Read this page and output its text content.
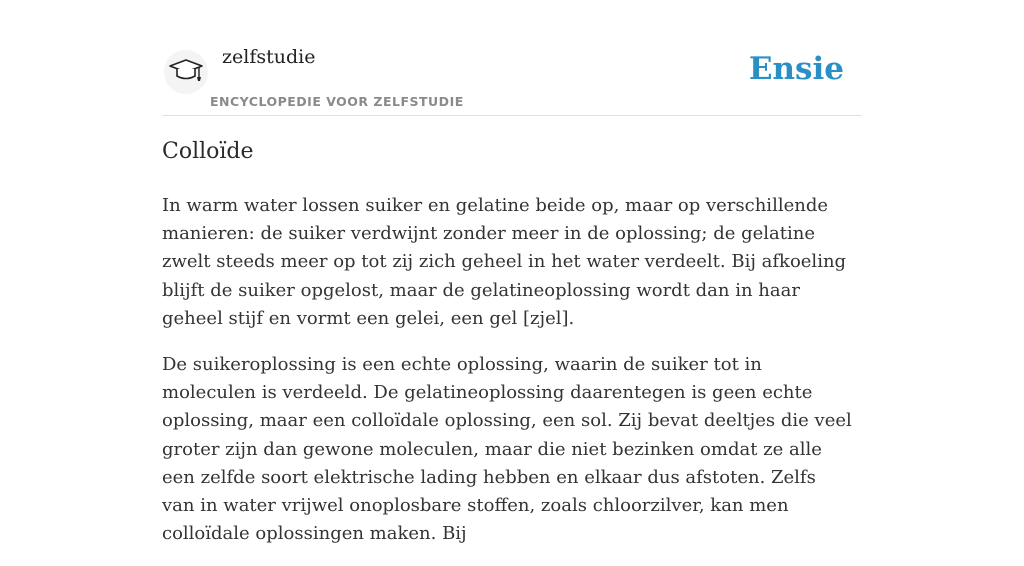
zelfstudie
ENCYCLOPEDIE VOOR ZELFSTUDIE
Ensie
Colloïde

In warm water lossen suiker en gelatine beide op, maar op verschillende manieren: de suiker verdwijnt zonder meer in de oplossing; de gelatine zwelt steeds meer op tot zij zich geheel in het water verdeelt. Bij afkoeling blijft de suiker opgelost, maar de gelatineoplossing wordt dan in haar geheel stijf en vormt een gelei, een gel [zjel].

De suikeroplossing is een echte oplossing, waarin de suiker tot in moleculen is verdeeld. De gelatineoplossing daarentegen is geen echte oplossing, maar een colloïdale oplossing, een sol. Zij bevat deeltjes die veel groter zijn dan gewone moleculen, maar die niet bezinken omdat ze alle een zelfde soort elektrische lading hebben en elkaar dus afstoten. Zelfs van in water vrijwel onoplosbare stoffen, zoals chloorzilver, kan men colloïdale oplossingen maken. Bij
